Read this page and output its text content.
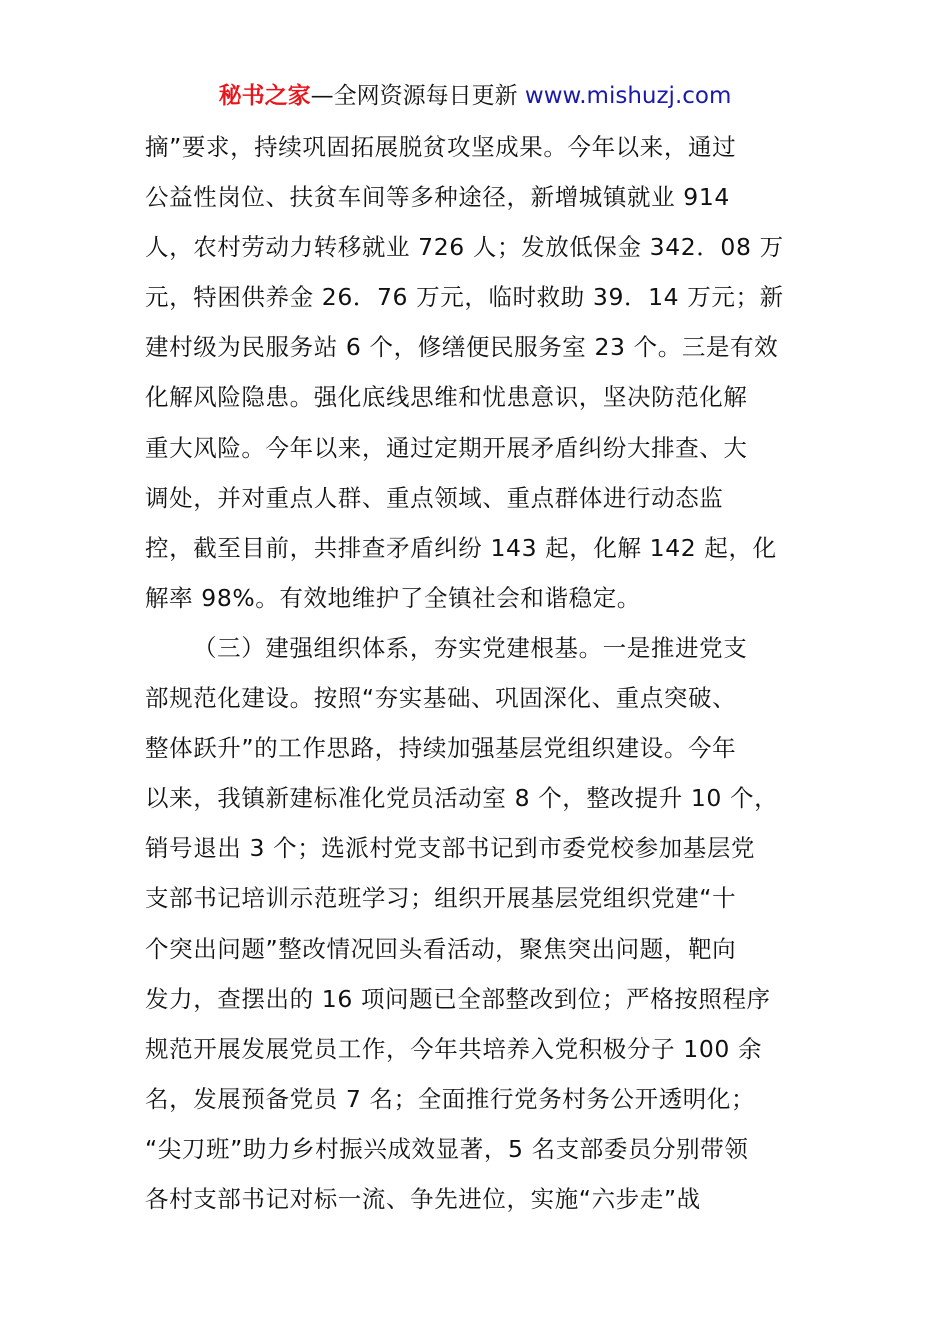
秘书之家—全网资源每日更新 www.mishuzj.com
摘”要求，持续巩固拓展脱贫攻坚成果。今年以来，通过
公益性岗位、扶贫车间等多种途径，新增城镇就业 914
人，农村劳动力转移就业 726 人；发放低保金 342．08 万
元，特困供养金 26．76 万元，临时救助 39．14 万元；新
建村级为民服务站 6 个，修缮便民服务室 23 个。三是有效
化解风险隐患。强化底线思维和忧患意识，坚决防范化解
重大风险。今年以来，通过定期开展矛盾纠纷大排查、大
调处，并对重点人群、重点领域、重点群体进行动态监
控，截至目前，共排查矛盾纠纷 143 起，化解 142 起，化
解率 98%。有效地维护了全镇社会和谐稳定。
（三）建强组织体系，夯实党建根基。一是推进党支
部规范化建设。按照“夯实基础、巩固深化、重点突破、
整体跃升”的工作思路，持续加强基层党组织建设。今年
以来，我镇新建标准化党员活动室 8 个，整改提升 10 个，
销号退出 3 个；选派村党支部书记到市委党校参加基层党
支部书记培训示范班学习；组织开展基层党组织党建“十
个突出问题”整改情况回头看活动，聚焦突出问题，靶向
发力，查摆出的 16 项问题已全部整改到位；严格按照程序
规范开展发展党员工作，今年共培养入党积极分子 100 余
名，发展预备党员 7 名；全面推行党务村务公开透明化；
“尖刀班”助力乡村振兴成效显著，5 名支部委员分别带领
各村支部书记对标一流、争先进位，实施“六步走”战
